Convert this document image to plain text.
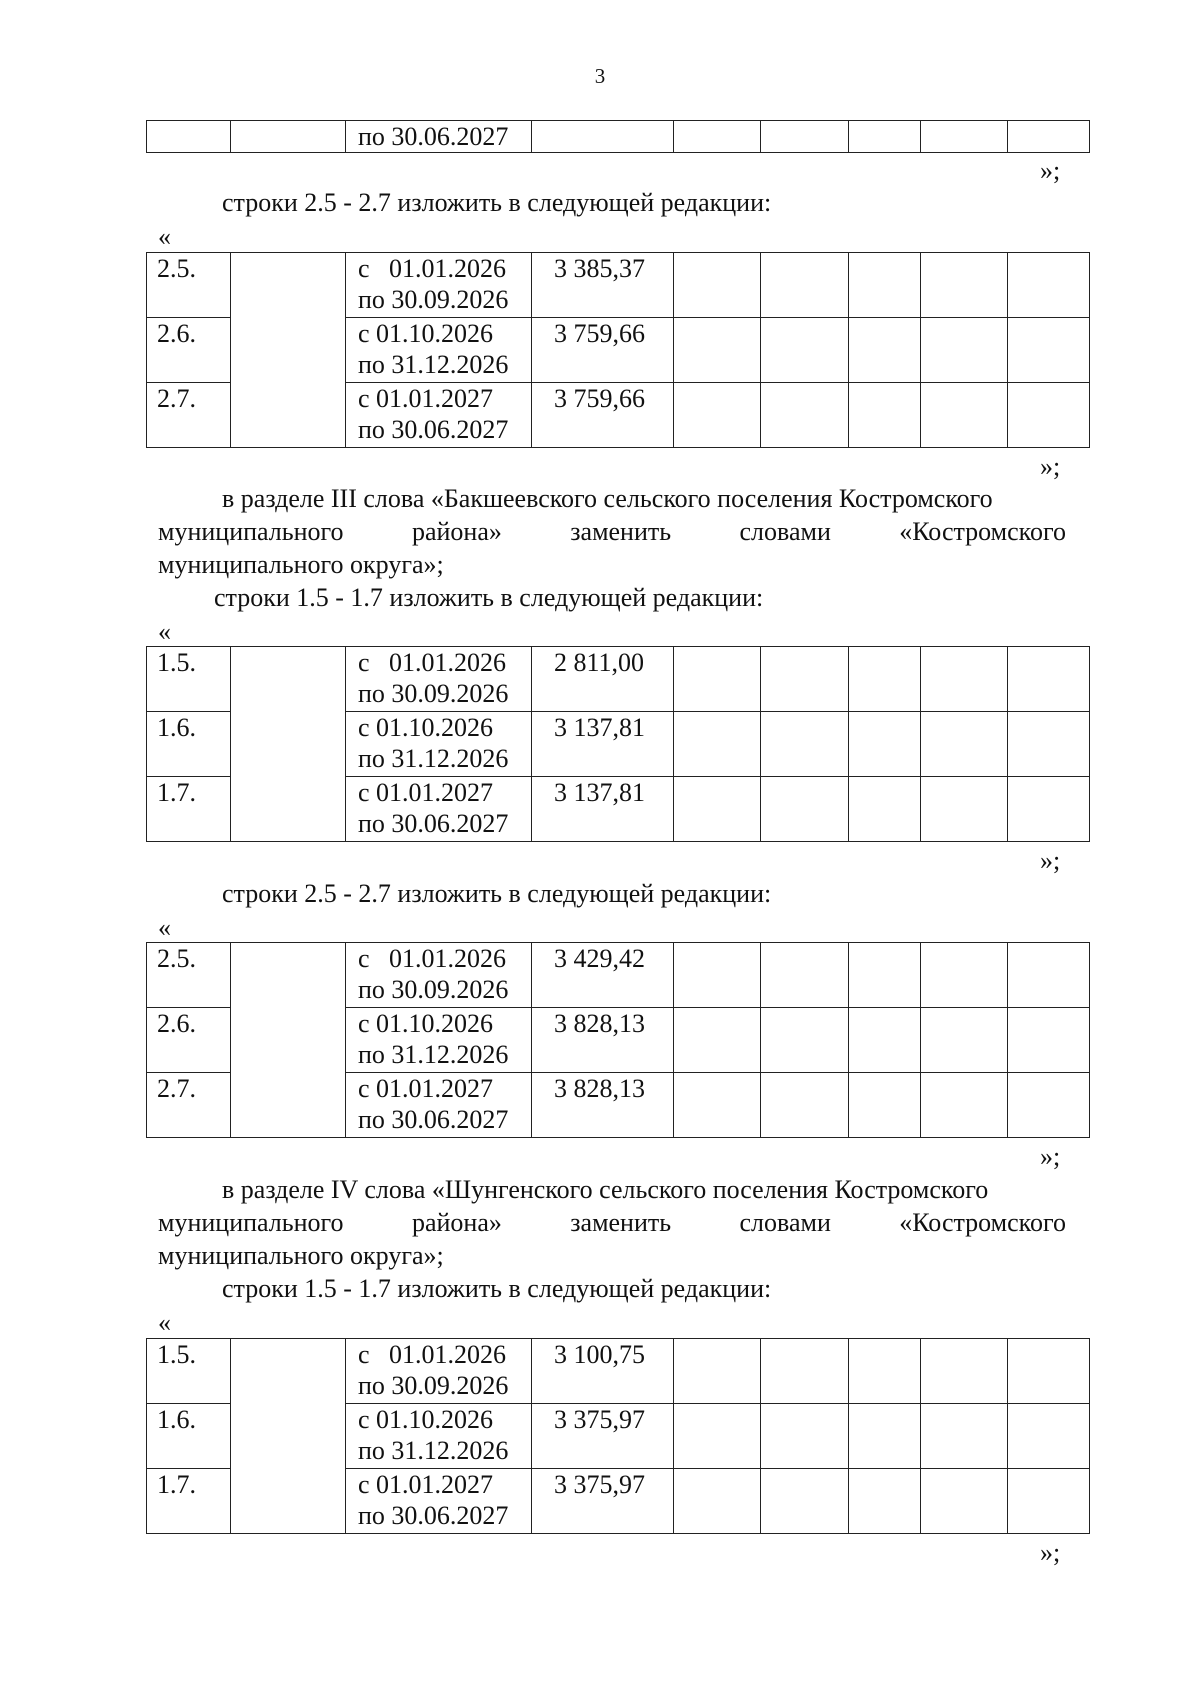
3
		по 30.06.2027						
»;
строки 2.5 - 2.7 изложить в следующей редакции:
«
2.5.		с   01.01.2026
по 30.09.2026	3 385,37					
2.6.		с 01.10.2026
по 31.12.2026	3 759,66					
2.7.		с 01.01.2027
по 30.06.2027	3 759,66					
»;
в разделе III слова «Бакшеевского сельского поселения Костромского
муниципального района» заменить словами «Костромского
муниципального округа»;
строки 1.5 - 1.7 изложить в следующей редакции:
«
1.5.		с   01.01.2026
по 30.09.2026	2 811,00					
1.6.		с 01.10.2026
по 31.12.2026	3 137,81					
1.7.		с 01.01.2027
по 30.06.2027	3 137,81					
»;
строки 2.5 - 2.7 изложить в следующей редакции:
«
2.5.		с   01.01.2026
по 30.09.2026	3 429,42					
2.6.		с 01.10.2026
по 31.12.2026	3 828,13					
2.7.		с 01.01.2027
по 30.06.2027	3 828,13					
»;
в разделе IV слова «Шунгенского сельского поселения Костромского
муниципального района» заменить словами «Костромского
муниципального округа»;
строки 1.5 - 1.7 изложить в следующей редакции:
«
1.5.		с   01.01.2026
по 30.09.2026	3 100,75					
1.6.		с 01.10.2026
по 31.12.2026	3 375,97					
1.7.		с 01.01.2027
по 30.06.2027	3 375,97					
»;
